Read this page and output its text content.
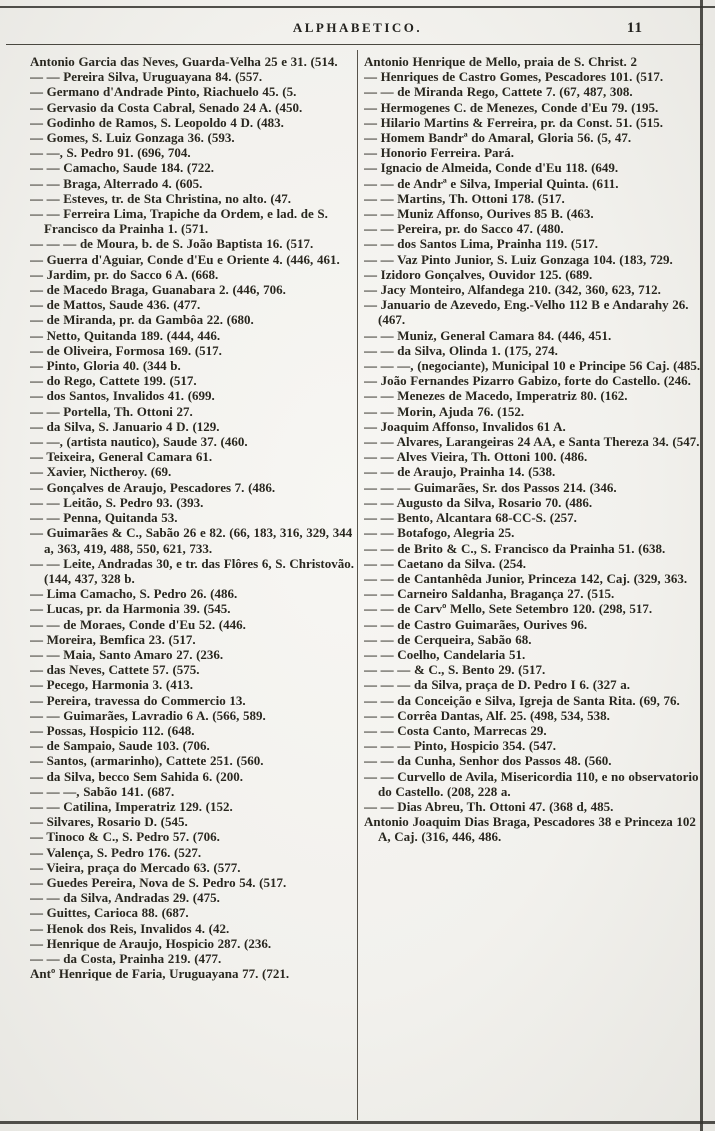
ALPHABETICO.	11

Antonio Garcia das Neves, Guarda-Velha 25 e 31. (514.

— — Pereira Silva, Uruguayana 84. (557.

— Germano d'Andrade Pinto, Riachuelo 45. (5.

— Gervasio da Costa Cabral, Senado 24 A. (450.

— Godinho de Ramos, S. Leopoldo 4 D. (483.

— Gomes, S. Luiz Gonzaga 36. (593.

— —, S. Pedro 91. (696, 704.

— — Camacho, Saude 184. (722.

— — Braga, Alterrado 4. (605.

— — Esteves, tr. de Sta Christina, no alto. (47.

— — Ferreira Lima, Trapiche da Ordem, e lad. de S. Francisco da Prainha 1. (571.

— — — de Moura, b. de S. João Baptista 16. (517.

— Guerra d'Aguiar, Conde d'Eu e Oriente 4. (446, 461.

— Jardim, pr. do Sacco 6 A. (668.

— de Macedo Braga, Guanabara 2. (446, 706.

— de Mattos, Saude 436. (477.

— de Miranda, pr. da Gambôa 22. (680.

— Netto, Quitanda 189. (444, 446.

— de Oliveira, Formosa 169. (517.

— Pinto, Gloria 40. (344 b.

— do Rego, Cattete 199. (517.

— dos Santos, Invalidos 41. (699.

— — Portella, Th. Ottoni 27.

— da Silva, S. Januario 4 D. (129.

— —, (artista nautico), Saude 37. (460.

— Teixeira, General Camara 61.

— Xavier, Nictheroy. (69.

— Gonçalves de Araujo, Pescadores 7. (486.

— — Leitão, S. Pedro 93. (393.

— — Penna, Quitanda 53.

— Guimarães & C., Sabão 26 e 82. (66, 183, 316, 329, 344 a, 363, 419, 488, 550, 621, 733.

— — Leite, Andradas 30, e tr. das Flôres 6, S. Christovão. (144, 437, 328 b.

— Lima Camacho, S. Pedro 26. (486.

— Lucas, pr. da Harmonia 39. (545.

— — de Moraes, Conde d'Eu 52. (446.

— Moreira, Bemfica 23. (517.

— — Maia, Santo Amaro 27. (236.

— das Neves, Cattete 57. (575.

— Pecego, Harmonia 3. (413.

— Pereira, travessa do Commercio 13.

— — Guimarães, Lavradio 6 A. (566, 589.

— Possas, Hospicio 112. (648.

— de Sampaio, Saude 103. (706.

— Santos, (armarinho), Cattete 251. (560.

— da Silva, becco Sem Sahida 6. (200.

— — —, Sabão 141. (687.

— — Catilina, Imperatriz 129. (152.

— Silvares, Rosario D. (545.

— Tinoco & C., S. Pedro 57. (706.

— Valença, S. Pedro 176. (527.

— Vieira, praça do Mercado 63. (577.

— Guedes Pereira, Nova de S. Pedro 54. (517.

— — da Silva, Andradas 29. (475.

— Guittes, Carioca 88. (687.

— Henok dos Reis, Invalidos 4. (42.

— Henrique de Araujo, Hospicio 287. (236.

— — da Costa, Prainha 219. (477.

Antº Henrique de Faria, Uruguayana 77. (721.

Antonio Henrique de Mello, praia de S. Christ. 2

— Henriques de Castro Gomes, Pescadores 101. (517.

— — de Miranda Rego, Cattete 7. (67, 487, 308.

— Hermogenes C. de Menezes, Conde d'Eu 79. (195.

— Hilario Martins & Ferreira, pr. da Const. 51. (515.

— Homem Bandrª do Amaral, Gloria 56. (5, 47.

— Honorio Ferreira. Pará.

— Ignacio de Almeida, Conde d'Eu 118. (649.

— — de Andrª e Silva, Imperial Quinta. (611.

— — Martins, Th. Ottoni 178. (517.

— — Muniz Affonso, Ourives 85 B. (463.

— — Pereira, pr. do Sacco 47. (480.

— — dos Santos Lima, Prainha 119. (517.

— — Vaz Pinto Junior, S. Luiz Gonzaga 104. (183, 729.

— Izidoro Gonçalves, Ouvidor 125. (689.

— Jacy Monteiro, Alfandega 210. (342, 360, 623, 712.

— Januario de Azevedo, Eng.-Velho 112 B e Andarahy 26. (467.

— — Muniz, General Camara 84. (446, 451.

— — da Silva, Olinda 1. (175, 274.

— — —, (negociante), Municipal 10 e Principe 56 Caj. (485.

— João Fernandes Pizarro Gabizo, forte do Castello. (246.

— — Menezes de Macedo, Imperatriz 80. (162.

— — Morin, Ajuda 76. (152.

— Joaquim Affonso, Invalidos 61 A.

— — Alvares, Larangeiras 24 AA, e Santa Thereza 34. (547.

— — Alves Vieira, Th. Ottoni 100. (486.

— — de Araujo, Prainha 14. (538.

— — — Guimarães, Sr. dos Passos 214. (346.

— — Augusto da Silva, Rosario 70. (486.

— — Bento, Alcantara 68-CC-S. (257.

— — Botafogo, Alegria 25.

— — de Brito & C., S. Francisco da Prainha 51. (638.

— — Caetano da Silva. (254.

— — de Cantanhêda Junior, Princeza 142, Caj. (329, 363.

— — Carneiro Saldanha, Bragança 27. (515.

— — de Carvº Mello, Sete Setembro 120. (298, 517.

— — de Castro Guimarães, Ourives 96.

— — de Cerqueira, Sabão 68.

— — Coelho, Candelaria 51.

— — — & C., S. Bento 29. (517.

— — — da Silva, praça de D. Pedro I 6. (327 a.

— — da Conceição e Silva, Igreja de Santa Rita. (69, 76.

— — Corrêa Dantas, Alf. 25. (498, 534, 538.

— — Costa Canto, Marrecas 29.

— — — Pinto, Hospicio 354. (547.

— — da Cunha, Senhor dos Passos 48. (560.

— — Curvello de Avila, Misericordia 110, e no observatorio do Castello. (208, 228 a.

— — Dias Abreu, Th. Ottoni 47. (368 d, 485.

Antonio Joaquim Dias Braga, Pescadores 38 e Princeza 102 A, Caj. (316, 446, 486.
